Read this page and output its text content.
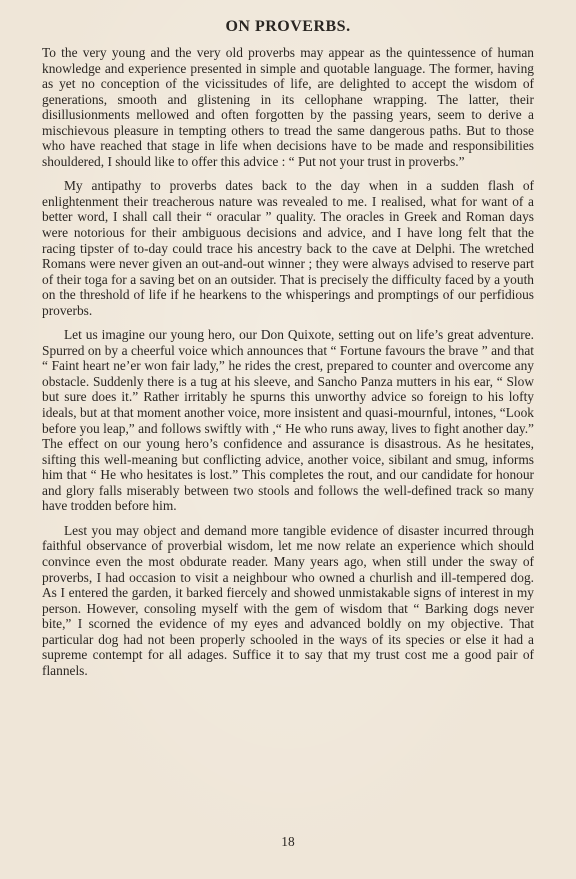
ON PROVERBS.

To the very young and the very old proverbs may appear as the quintessence of human knowledge and experience presented in simple and quotable language. The former, having as yet no conception of the vicissitudes of life, are delighted to accept the wisdom of generations, smooth and glistening in its cellophane wrapping. The latter, their disillusionments mellowed and often forgotten by the passing years, seem to derive a mischievous pleasure in tempting others to tread the same dangerous paths. But to those who have reached that stage in life when decisions have to be made and responsibilities shouldered, I should like to offer this advice : “ Put not your trust in proverbs.”

My antipathy to proverbs dates back to the day when in a sudden flash of enlightenment their treacherous nature was revealed to me. I realised, what for want of a better word, I shall call their “ oracular ” quality. The oracles in Greek and Roman days were notorious for their ambiguous decisions and advice, and I have long felt that the racing tipster of to-day could trace his ancestry back to the cave at Delphi. The wretched Romans were never given an out-and-out winner ; they were always advised to reserve part of their toga for a saving bet on an outsider. That is precisely the difficulty faced by a youth on the threshold of life if he hearkens to the whisperings and promptings of our perfidious proverbs.

Let us imagine our young hero, our Don Quixote, setting out on life’s great adventure. Spurred on by a cheerful voice which announces that “ Fortune favours the brave ” and that “ Faint heart ne’er won fair lady,” he rides the crest, prepared to counter and overcome any obstacle. Suddenly there is a tug at his sleeve, and Sancho Panza mutters in his ear, “ Slow but sure does it.” Rather irritably he spurns this unworthy advice so foreign to his lofty ideals, but at that moment another voice, more insistent and quasi-mournful, intones, “Look before you leap,” and follows swiftly with ,“ He who runs away, lives to fight another day.” The effect on our young hero’s confidence and assurance is disastrous. As he hesitates, sifting this well-meaning but conflicting advice, another voice, sibilant and smug, informs him that “ He who hesitates is lost.” This completes the rout, and our candidate for honour and glory falls miserably between two stools and follows the well-defined track so many have trodden before him.

Lest you may object and demand more tangible evidence of disaster incurred through faithful observance of proverbial wisdom, let me now relate an experience which should convince even the most obdurate reader. Many years ago, when still under the sway of proverbs, I had occasion to visit a neighbour who owned a churlish and ill-tempered dog. As I entered the garden, it barked fiercely and showed unmistakable signs of interest in my person. However, consoling myself with the gem of wisdom that “ Barking dogs never bite,” I scorned the evidence of my eyes and advanced boldly on my objective. That particular dog had not been properly schooled in the ways of its species or else it had a supreme contempt for all adages. Suffice it to say that my trust cost me a good pair of flannels.

18
